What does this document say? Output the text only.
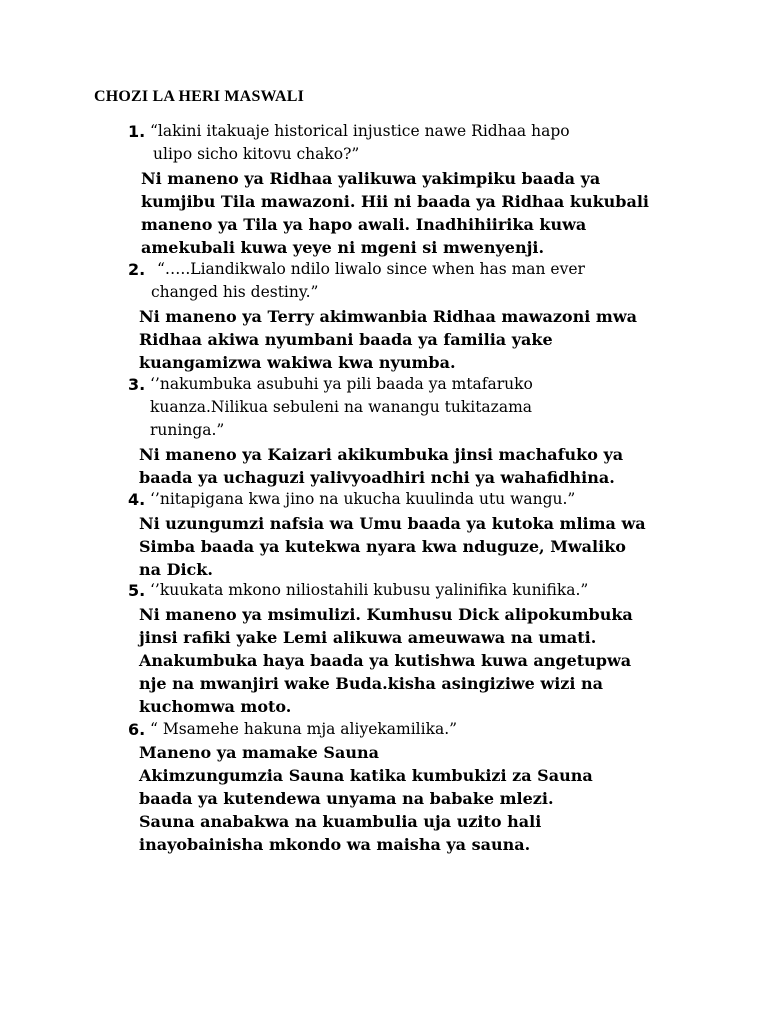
CHOZI LA HERI MASWALI
1. “lakini itakuaje historical injustice nawe Ridhaa hapo
ulipo sicho kitovu chako?”
Ni maneno ya Ridhaa yalikuwa yakimpiku baada ya
kumjibu Tila mawazoni. Hii ni baada ya Ridhaa kukubali
maneno ya Tila ya hapo awali. Inadhihiirika kuwa
amekubali kuwa yeye ni mgeni si mwenyenji.
2. “…..Liandikwalo ndilo liwalo since when has man ever
changed his destiny.”
Ni maneno ya Terry akimwanbia Ridhaa mawazoni mwa
Ridhaa akiwa nyumbani baada ya familia yake
kuangamizwa wakiwa kwa nyumba.
3. ‘’nakumbuka asubuhi ya pili baada ya mtafaruko
kuanza.Nilikua sebuleni na wanangu tukitazama
runinga.”
Ni maneno ya Kaizari akikumbuka jinsi machafuko ya
baada ya uchaguzi yalivyoadhiri nchi ya wahafidhina.
4. ‘’nitapigana kwa jino na ukucha kuulinda utu wangu.”
Ni uzungumzi nafsia wa Umu baada ya kutoka mlima wa
Simba baada ya kutekwa nyara kwa nduguze, Mwaliko
na Dick.
5. ‘’kuukata mkono niliostahili kubusu yalinifika kunifika.”
Ni maneno ya msimulizi. Kumhusu Dick alipokumbuka
jinsi rafiki yake Lemi alikuwa ameuwawa na umati.
Anakumbuka haya baada ya kutishwa kuwa angetupwa
nje na mwanjiri wake Buda.kisha asingiziwe wizi na
kuchomwa moto.
6. “ Msamehe hakuna mja aliyekamilika.”
Maneno ya mamake Sauna
Akimzungumzia Sauna katika kumbukizi za Sauna
baada ya kutendewa unyama na babake mlezi.
Sauna anabakwa na kuambulia uja uzito hali
inayobainisha mkondo wa maisha ya sauna.
